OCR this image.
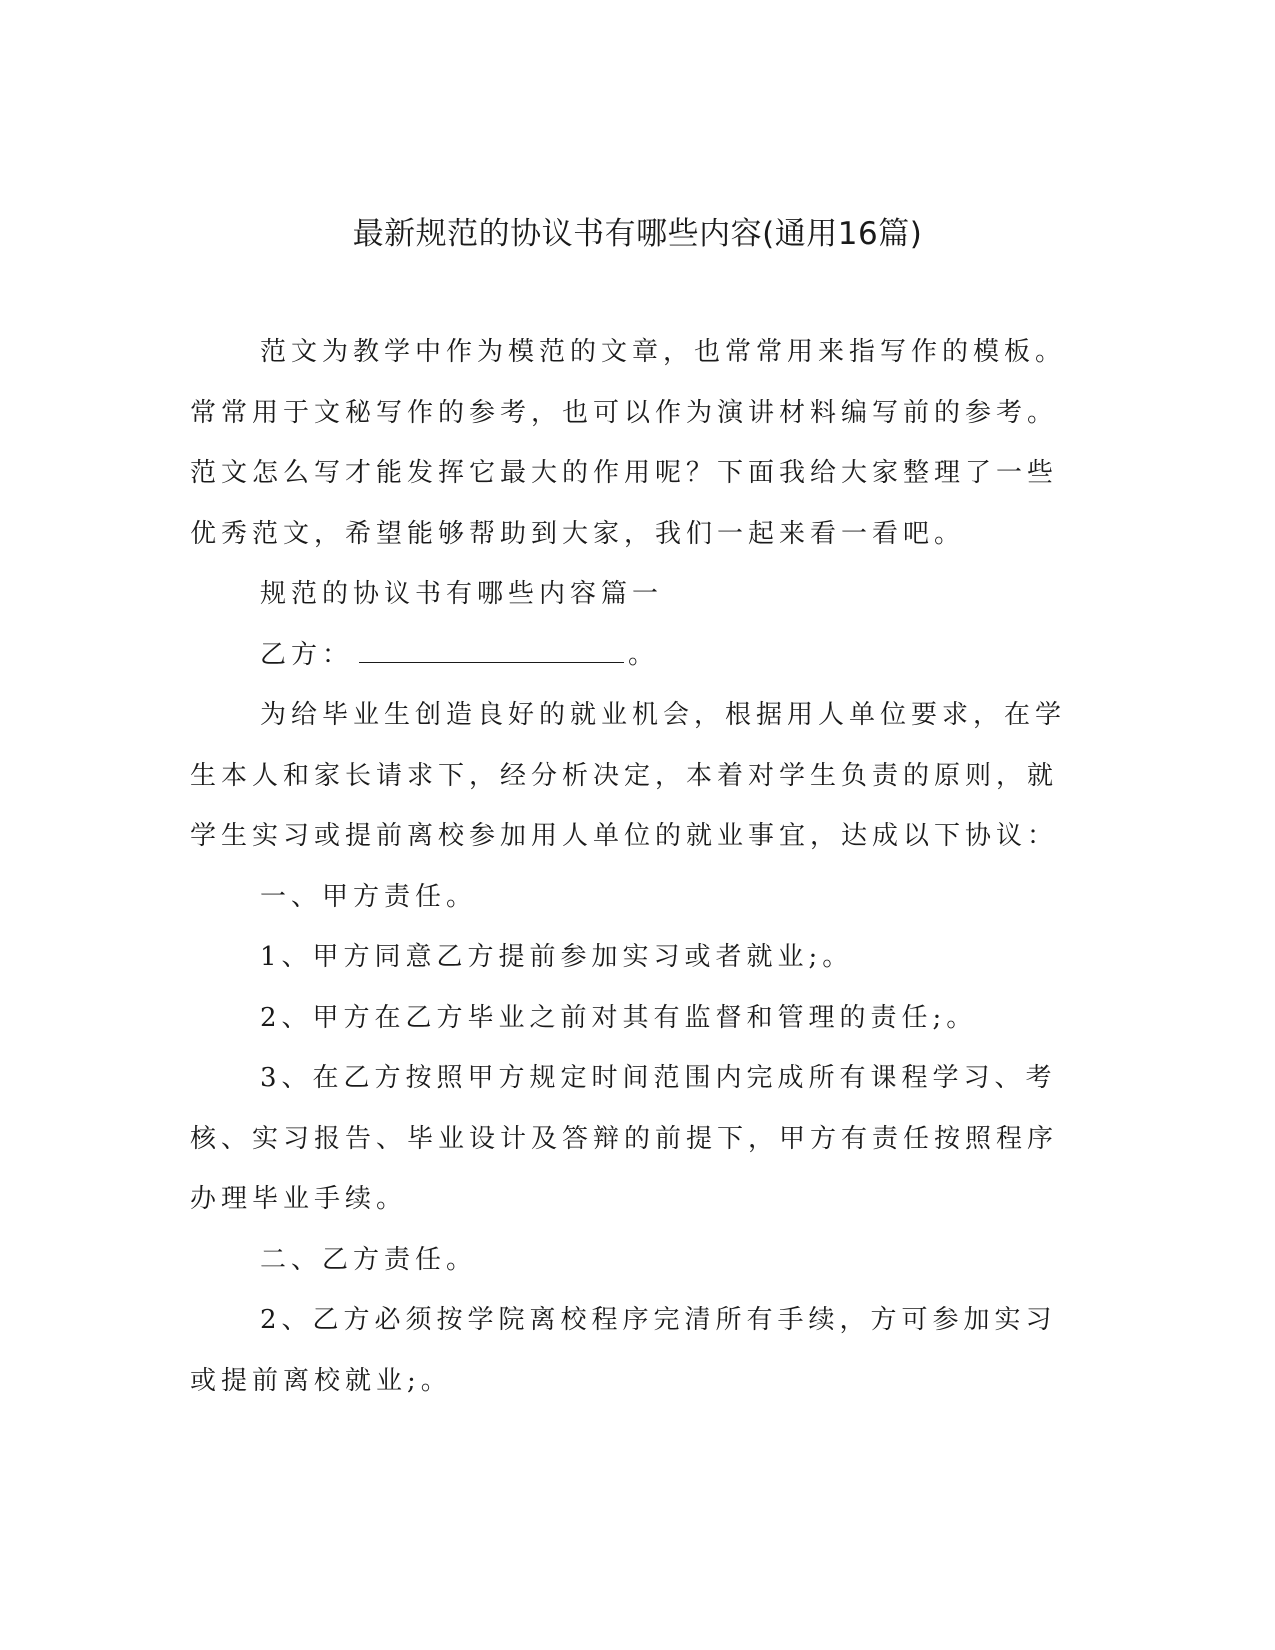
最新规范的协议书有哪些内容(通用16篇)

范文为教学中作为模范的文章，也常常用来指写作的模板。常常用于文秘写作的参考，也可以作为演讲材料编写前的参考。范文怎么写才能发挥它最大的作用呢？下面我给大家整理了一些优秀范文，希望能够帮助到大家，我们一起来看一看吧。

规范的协议书有哪些内容篇一

乙方：	。

为给毕业生创造良好的就业机会，根据用人单位要求，在学生本人和家长请求下，经分析决定，本着对学生负责的原则，就学生实习或提前离校参加用人单位的就业事宜，达成以下协议：

一、甲方责任。

1、甲方同意乙方提前参加实习或者就业;。

2、甲方在乙方毕业之前对其有监督和管理的责任;。

3、在乙方按照甲方规定时间范围内完成所有课程学习、考核、实习报告、毕业设计及答辩的前提下，甲方有责任按照程序办理毕业手续。

二、乙方责任。

2、乙方必须按学院离校程序完清所有手续，方可参加实习或提前离校就业;。
